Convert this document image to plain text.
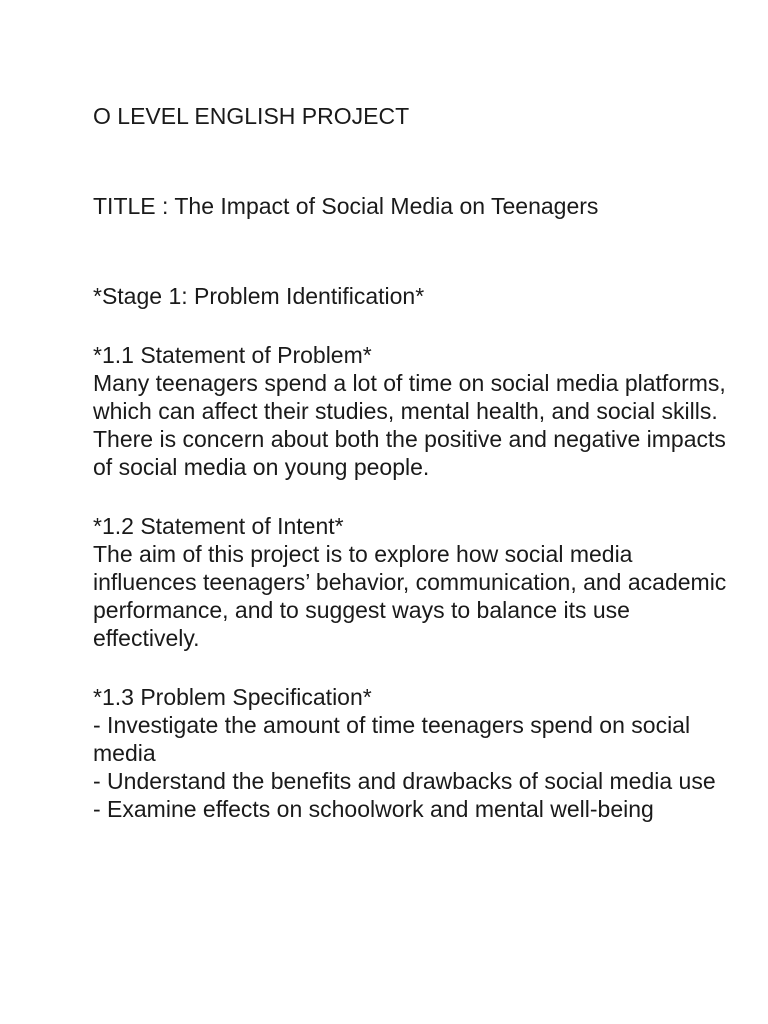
O LEVEL ENGLISH PROJECT

TITLE : The Impact of Social Media on Teenagers

*Stage 1: Problem Identification*

*1.1 Statement of Problem*

Many teenagers spend a lot of time on social media platforms, which can affect their studies, mental health, and social skills. There is concern about both the positive and negative impacts of social media on young people.

*1.2 Statement of Intent*

The aim of this project is to explore how social media influences teenagers’ behavior, communication, and academic performance, and to suggest ways to balance its use effectively.

*1.3 Problem Specification*

- Investigate the amount of time teenagers spend on social media
- Understand the benefits and drawbacks of social media use
- Examine effects on schoolwork and mental well-being
